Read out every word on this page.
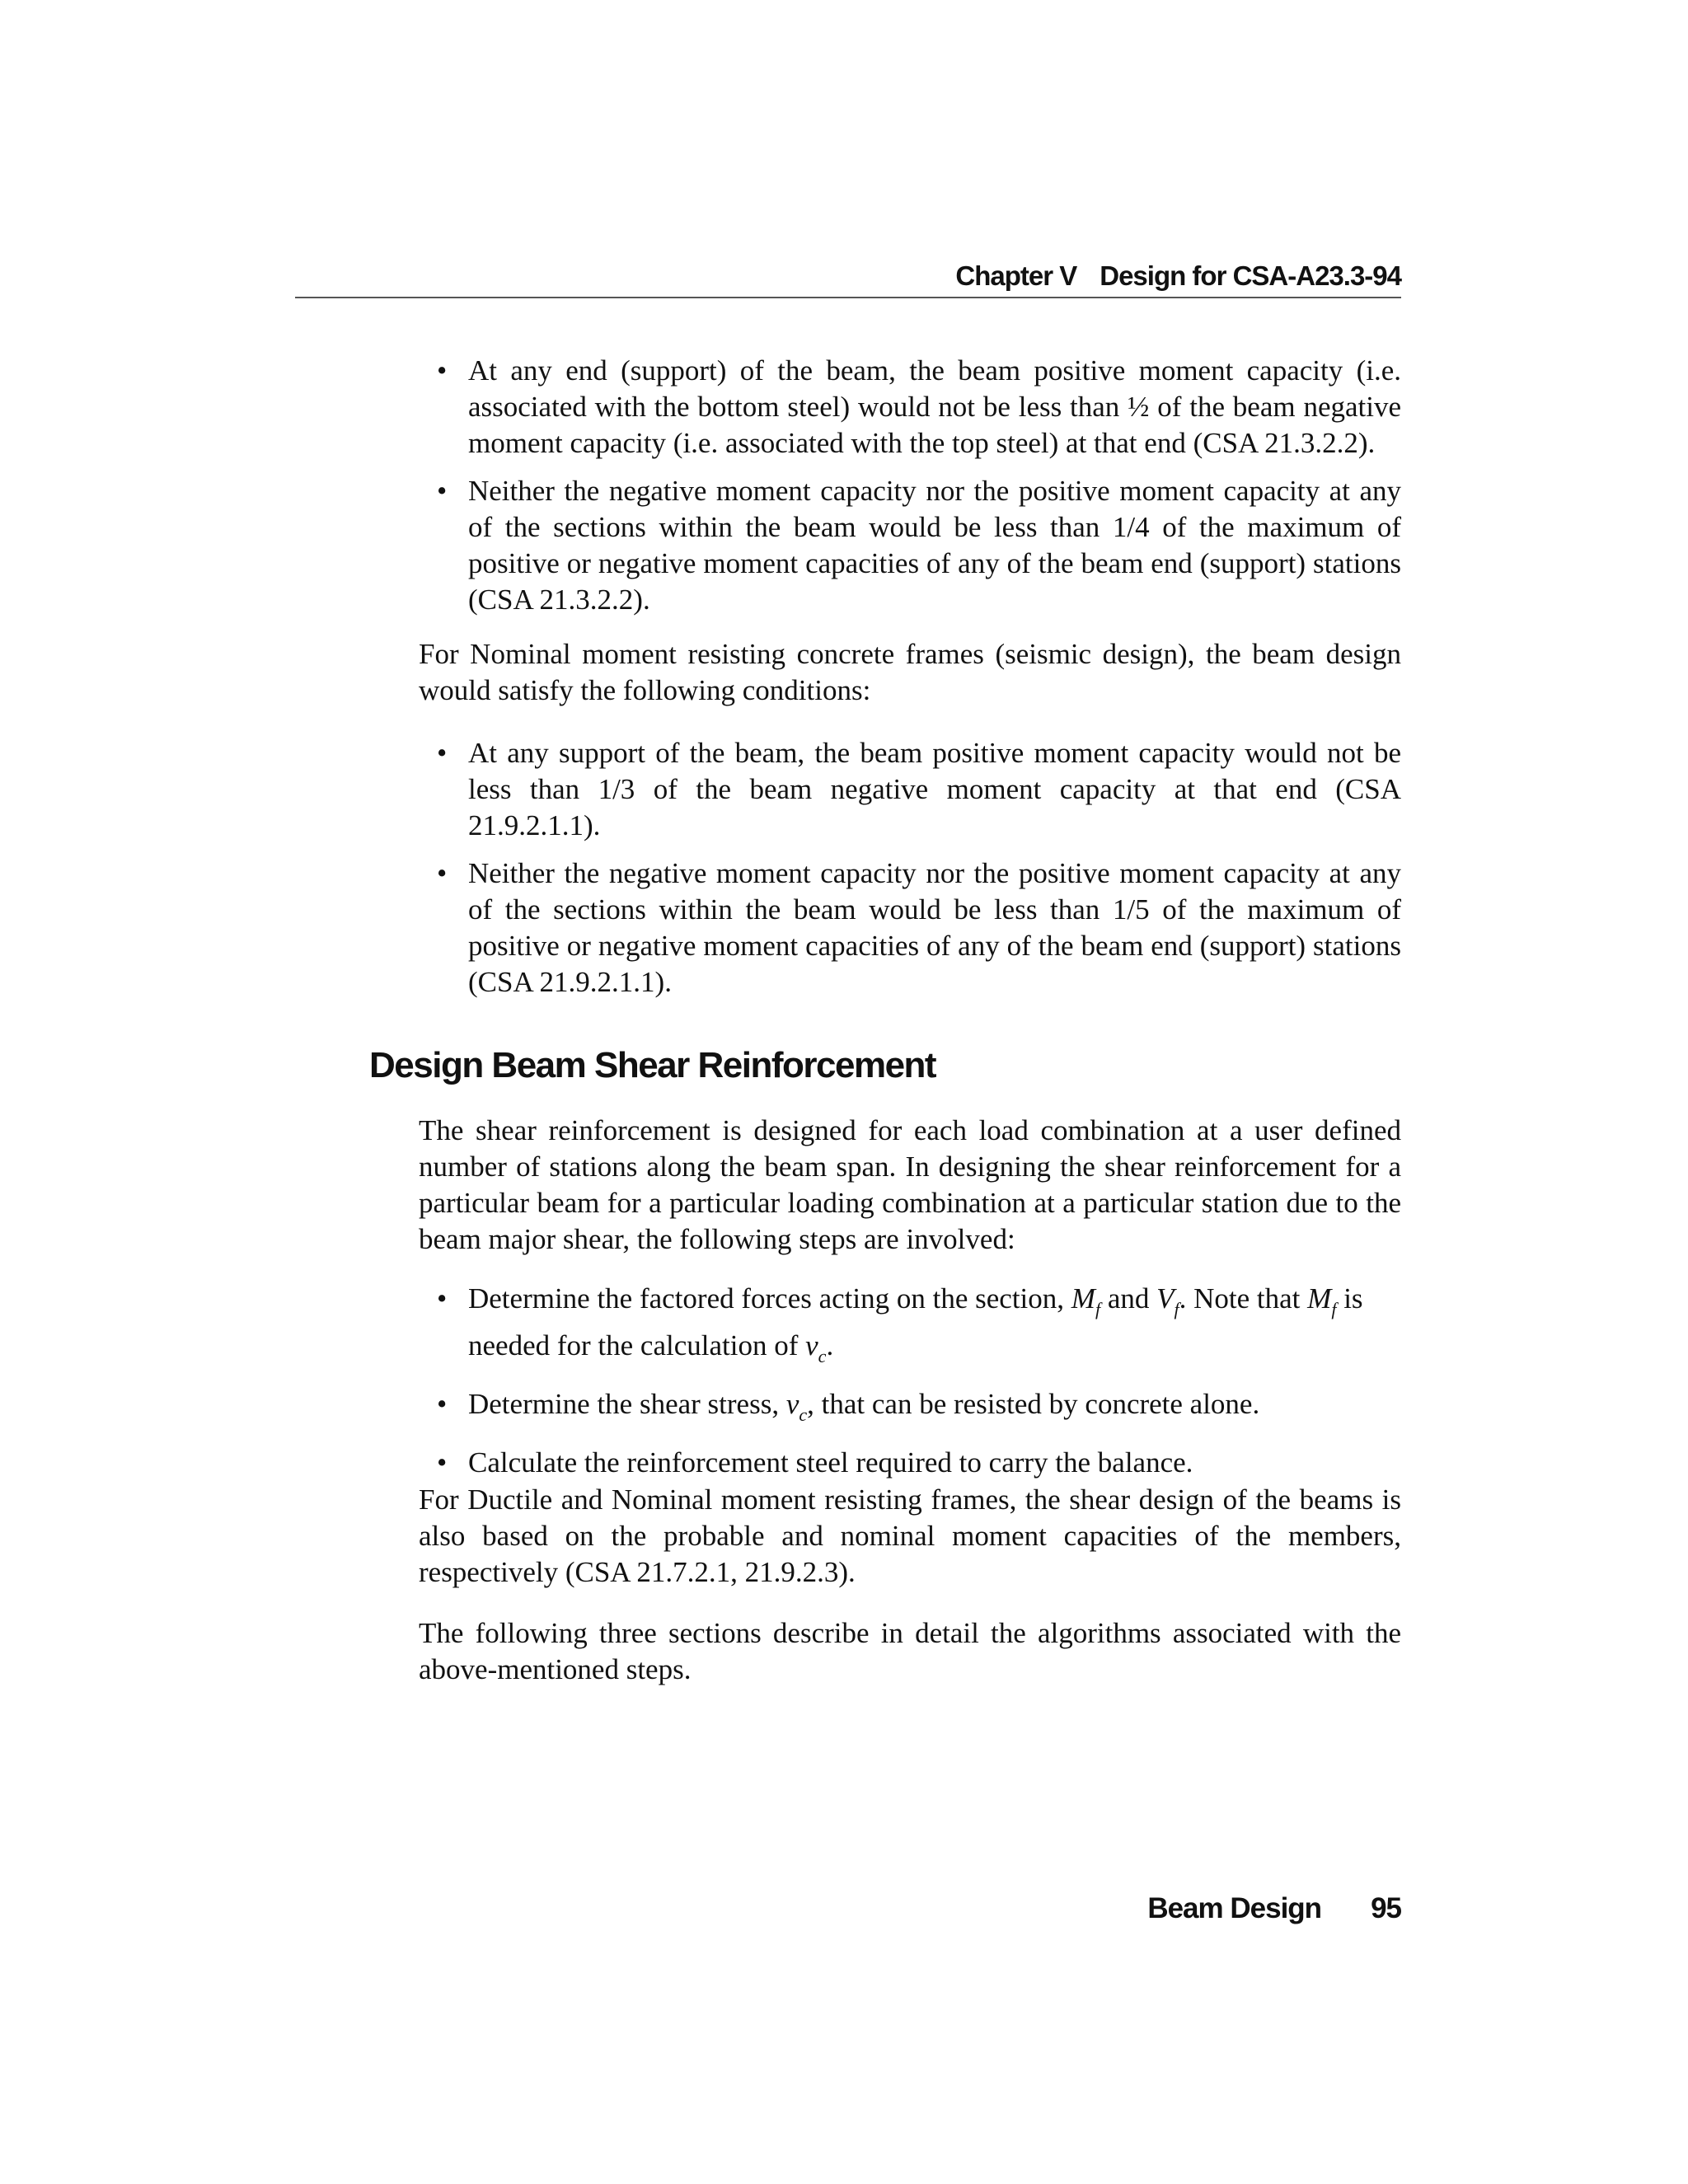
Chapter V Design for CSA-A23.3-94
• At any end (support) of the beam, the beam positive moment capacity (i.e. associated with the bottom steel) would not be less than ½ of the beam negative moment capacity (i.e. associated with the top steel) at that end (CSA 21.3.2.2).
• Neither the negative moment capacity nor the positive moment capacity at any of the sections within the beam would be less than 1/4 of the maximum of positive or negative moment capacities of any of the beam end (support) stations (CSA 21.3.2.2).

For Nominal moment resisting concrete frames (seismic design), the beam design would satisfy the following conditions:

• At any support of the beam, the beam positive moment capacity would not be less than 1/3 of the beam negative moment capacity at that end (CSA 21.9.2.1.1).
• Neither the negative moment capacity nor the positive moment capacity at any of the sections within the beam would be less than 1/5 of the maximum of positive or negative moment capacities of any of the beam end (support) stations (CSA 21.9.2.1.1).
Design Beam Shear Reinforcement

The shear reinforcement is designed for each load combination at a user defined number of stations along the beam span. In designing the shear reinforcement for a particular beam for a particular loading combination at a particular station due to the beam major shear, the following steps are involved:

• Determine the factored forces acting on the section, $M_f$ and $V_f$. Note that $M_f$ is needed for the calculation of $v_c$.
• Determine the shear stress, $v_c$, that can be resisted by concrete alone.
• Calculate the reinforcement steel required to carry the balance.

For Ductile and Nominal moment resisting frames, the shear design of the beams is also based on the probable and nominal moment capacities of the members, respectively (CSA 21.7.2.1, 21.9.2.3).

The following three sections describe in detail the algorithms associated with the above-mentioned steps.

Beam Design 95
